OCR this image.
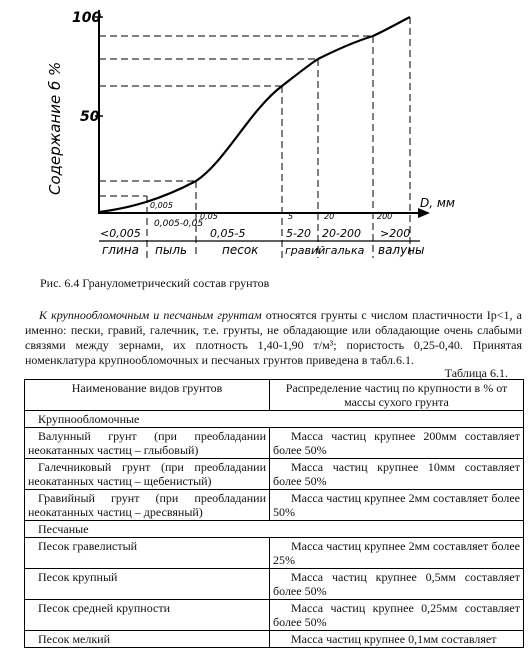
100
50
Содержание б %
0,005
0,05	5	20	200
D, мм
<0,005
0,005-0,05
0,05-5	5-20 20-200 >200
глина пыль	песок гравий галька валуны
Рис. 6.4 Гранулометрический состав грунтов
К крупнообломочным и песчаным грунтам относятся грунты с числом пластичности Ip<1, а именно: пески, гравий, галечник, т.е. грунты, не обладающие или обладающие очень слабыми связями между зернами, их плотность 1,40-1,90 т/м³; пористость 0,25-0,40. Принятая номенклатура крупнообломочных и песчаных грунтов приведена в табл.6.1.
Таблица 6.1.
Наименование видов грунтов	Распределение частиц по крупности в % от массы сухого грунта
Крупнообломочные	
Валунный грунт (при преобладании неокатанных частиц – глыбовый)	Масса частиц крупнее 200мм составляет более 50%
Галечниковый грунт (при преобладании неокатанных частиц – щебенистый)	Масса частиц крупнее 10мм составляет более 50%
Гравийный грунт (при преобладании неокатанных частиц – дресвяный)	Масса частиц крупнее 2мм составляет более 50%
Песчаные	
Песок гравелистый	Масса частиц крупнее 2мм составляет более 25%
Песок крупный	Масса частиц крупнее 0,5мм составляет более 50%
Песок средней крупности	Масса частиц крупнее 0,25мм составляет более 50%
Песок мелкий	Масса частиц крупнее 0,1мм составляет
